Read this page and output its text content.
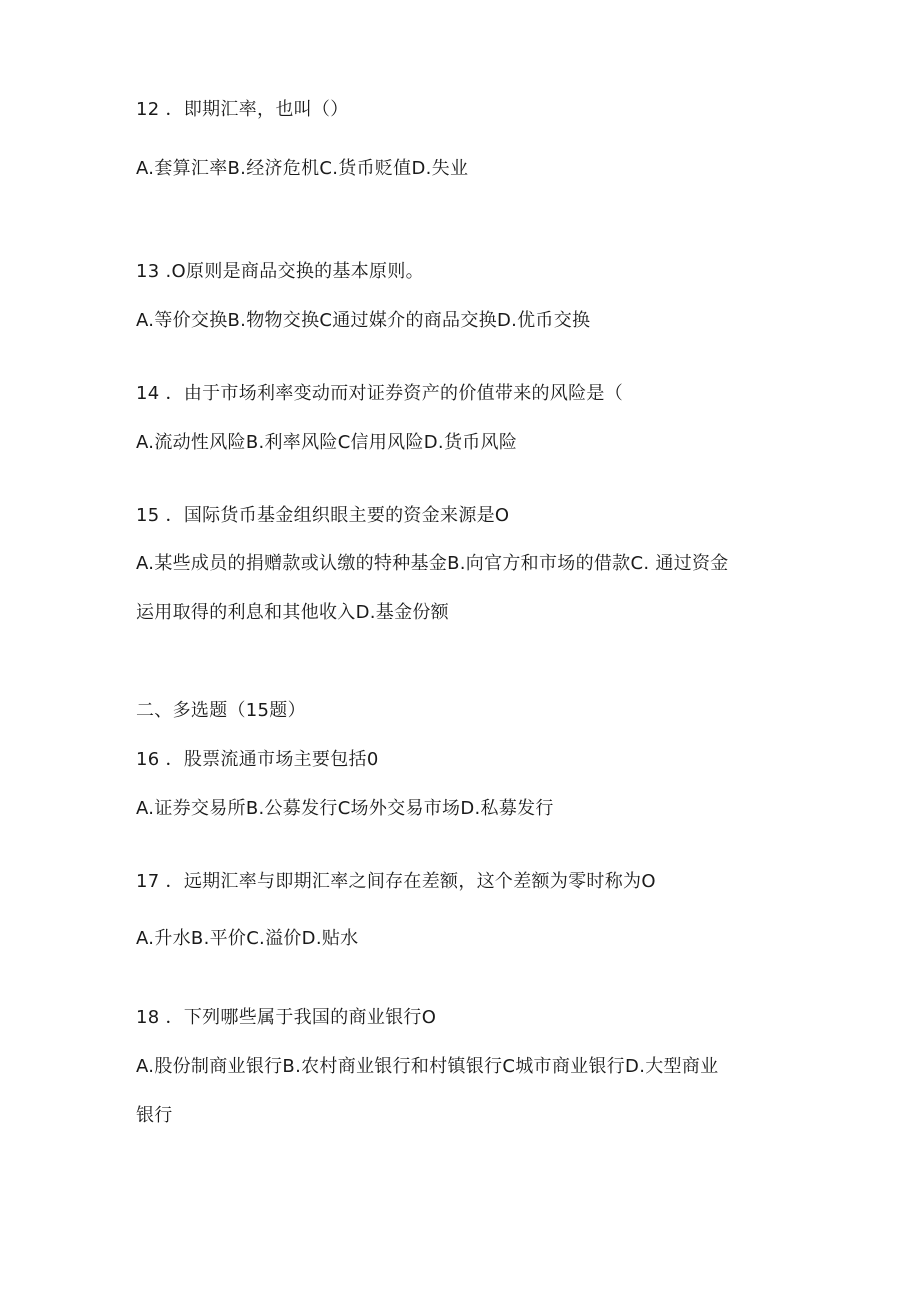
12 ．即期汇率，也叫（）
A.套算汇率B.经济危机C.货币贬值D.失业
13 .O原则是商品交换的基本原则。
A.等价交换B.物物交换C通过媒介的商品交换D.优币交换
14 ．由于市场利率变动而对证券资产的价值带来的风险是（
A.流动性风险B.利率风险C信用风险D.货币风险
15 ．国际货币基金组织眼主要的资金来源是O
A.某些成员的捐赠款或认缴的特种基金B.向官方和市场的借款C. 通过资金
运用取得的利息和其他收入D.基金份额
二、多选题（15题）
16 ．股票流通市场主要包括0
A.证券交易所B.公募发行C场外交易市场D.私募发行
17 ．远期汇率与即期汇率之间存在差额，这个差额为零时称为O
A.升水B.平价C.溢价D.贴水
18 ．下列哪些属于我国的商业银行O
A.股份制商业银行B.农村商业银行和村镇银行C城市商业银行D.大型商业
银行
